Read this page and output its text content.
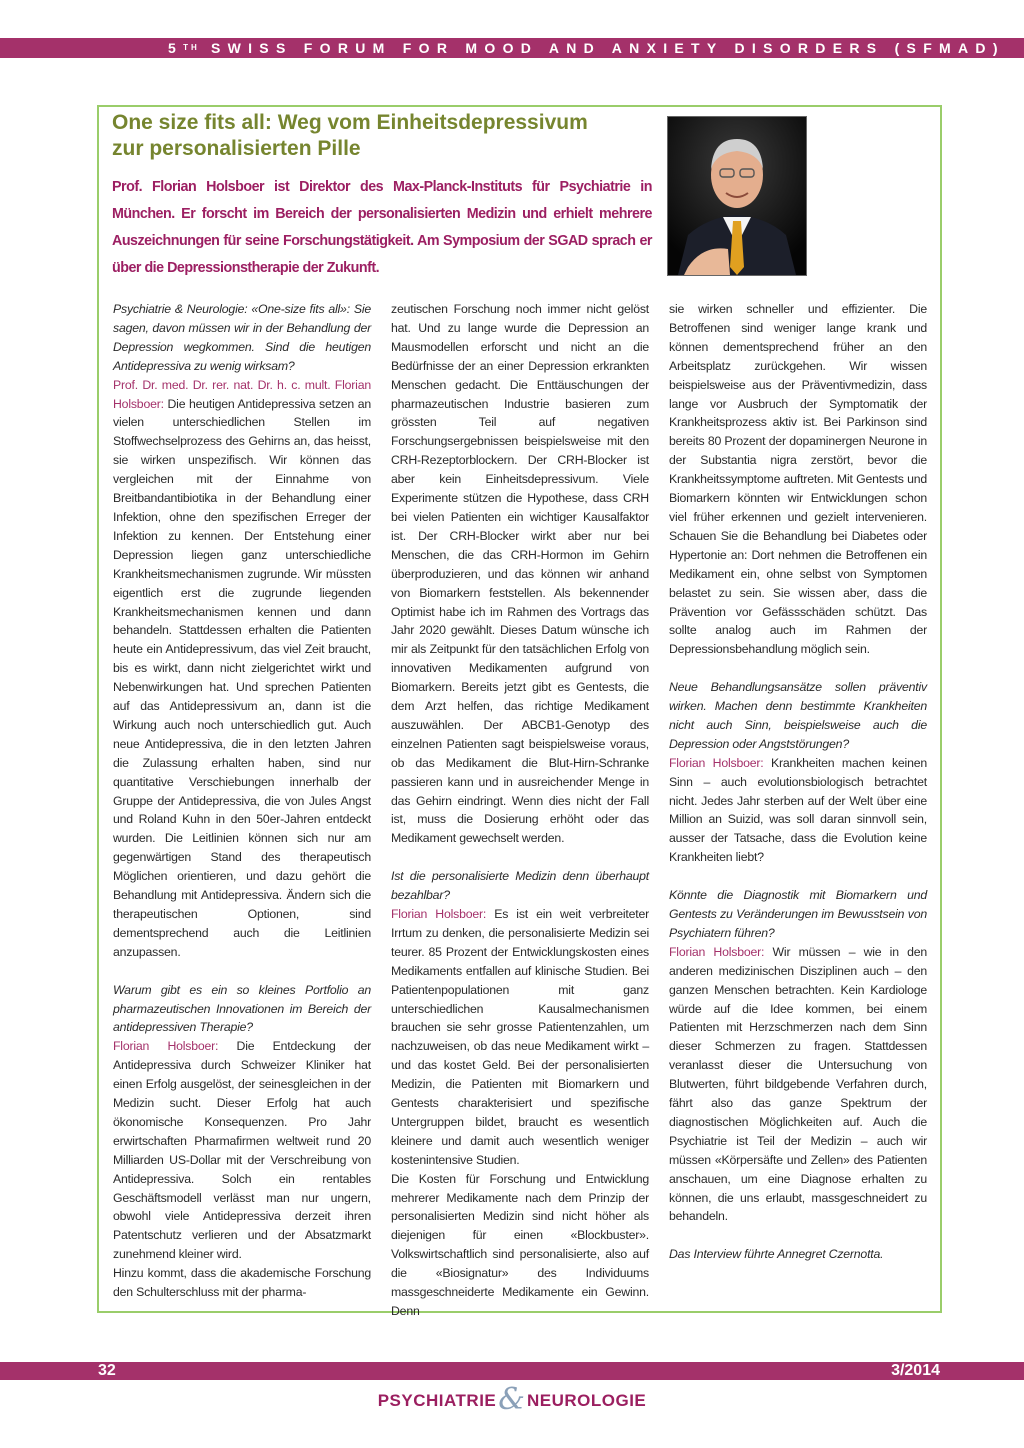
5TH SWISS FORUM FOR MOOD AND ANXIETY DISORDERS (SFMAD)
One size fits all: Weg vom Einheitsdepressivum
zur personalisierten Pille
Prof. Florian Holsboer ist Direktor des Max-Planck-Instituts für Psychiatrie in München. Er forscht im Bereich der personalisierten Medizin und erhielt mehrere Auszeichnungen für seine Forschungstätigkeit. Am Symposium der SGAD sprach er über die Depressionstherapie der Zukunft.

Psychiatrie & Neurologie: «One-size fits all»: Sie sagen, davon müssen wir in der Behandlung der Depression wegkommen. Sind die heutigen Antidepressiva zu wenig wirksam?

Prof. Dr. med. Dr. rer. nat. Dr. h. c. mult. Florian Holsboer: Die heutigen Antidepressiva setzen an vielen unterschiedlichen Stellen im Stoffwechselprozess des Gehirns an, das heisst, sie wirken unspezifisch. Wir können das vergleichen mit der Einnahme von Breitbandantibiotika in der Behandlung einer Infektion, ohne den spezifischen Erreger der Infektion zu kennen. Der Entstehung einer Depression liegen ganz unterschiedliche Krankheitsmechanismen zugrunde. Wir müssten eigentlich erst die zugrunde liegenden Krankheitsmechanismen kennen und dann behandeln. Stattdessen erhalten die Patienten heute ein Antidepressivum, das viel Zeit braucht, bis es wirkt, dann nicht zielgerichtet wirkt und Nebenwirkungen hat. Und sprechen Patienten auf das Antidepressivum an, dann ist die Wirkung auch noch unterschiedlich gut. Auch neue Antidepressiva, die in den letzten Jahren die Zulassung erhalten haben, sind nur quantitative Verschiebungen innerhalb der Gruppe der Antidepressiva, die von Jules Angst und Roland Kuhn in den 50er-Jahren entdeckt wurden. Die Leitlinien können sich nur am gegenwärtigen Stand des therapeutisch Möglichen orientieren, und dazu gehört die Behandlung mit Antidepressiva. Ändern sich die therapeutischen Optionen, sind dementsprechend auch die Leitlinien anzupassen.

Warum gibt es ein so kleines Portfolio an pharmazeutischen Innovationen im Bereich der antidepressiven Therapie?

Florian Holsboer: Die Entdeckung der Antidepressiva durch Schweizer Kliniker hat einen Erfolg ausgelöst, der seinesgleichen in der Medizin sucht. Dieser Erfolg hat auch ökonomische Konsequenzen. Pro Jahr erwirtschaften Pharmafirmen weltweit rund 20 Milliarden US-Dollar mit der Verschreibung von Antidepressiva. Solch ein rentables Geschäftsmodell verlässt man nur ungern, obwohl viele Antidepressiva derzeit ihren Patentschutz verlieren und der Absatzmarkt zunehmend kleiner wird.

Hinzu kommt, dass die akademische Forschung den Schulterschluss mit der pharma-

zeutischen Forschung noch immer nicht gelöst hat. Und zu lange wurde die Depression an Mausmodellen erforscht und nicht an die Bedürfnisse der an einer Depression erkrankten Menschen gedacht. Die Enttäuschungen der pharmazeutischen Industrie basieren zum grössten Teil auf negativen Forschungsergebnissen beispielsweise mit den CRH-Rezeptorblockern. Der CRH-Blocker ist aber kein Einheitsdepressivum. Viele Experimente stützen die Hypothese, dass CRH bei vielen Patienten ein wichtiger Kausalfaktor ist. Der CRH-Blocker wirkt aber nur bei Menschen, die das CRH-Hormon im Gehirn überproduzieren, und das können wir anhand von Biomarkern feststellen. Als bekennender Optimist habe ich im Rahmen des Vortrags das Jahr 2020 gewählt. Dieses Datum wünsche ich mir als Zeitpunkt für den tatsächlichen Erfolg von innovativen Medikamenten aufgrund von Biomarkern. Bereits jetzt gibt es Gentests, die dem Arzt helfen, das richtige Medikament auszuwählen. Der ABCB1-Genotyp des einzelnen Patienten sagt beispielsweise voraus, ob das Medikament die Blut-Hirn-Schranke passieren kann und in ausreichender Menge in das Gehirn eindringt. Wenn dies nicht der Fall ist, muss die Dosierung erhöht oder das Medikament gewechselt werden.

Ist die personalisierte Medizin denn überhaupt bezahlbar?

Florian Holsboer: Es ist ein weit verbreiteter Irrtum zu denken, die personalisierte Medizin sei teurer. 85 Prozent der Entwicklungskosten eines Medikaments entfallen auf klinische Studien. Bei Patientenpopulationen mit ganz unterschiedlichen Kausalmechanismen brauchen sie sehr grosse Patientenzahlen, um nachzuweisen, ob das neue Medikament wirkt – und das kostet Geld. Bei der personalisierten Medizin, die Patienten mit Biomarkern und Gentests charakterisiert und spezifische Untergruppen bildet, braucht es wesentlich kleinere und damit auch wesentlich weniger kostenintensive Studien.

Die Kosten für Forschung und Entwicklung mehrerer Medikamente nach dem Prinzip der personalisierten Medizin sind nicht höher als diejenigen für einen «Blockbuster». Volkswirtschaftlich sind personalisierte, also auf die «Biosignatur» des Individuums massgeschneiderte Medikamente ein Gewinn. Denn

sie wirken schneller und effizienter. Die Betroffenen sind weniger lange krank und können dementsprechend früher an den Arbeitsplatz zurückgehen. Wir wissen beispielsweise aus der Präventivmedizin, dass lange vor Ausbruch der Symptomatik der Krankheitsprozess aktiv ist. Bei Parkinson sind bereits 80 Prozent der dopaminergen Neurone in der Substantia nigra zerstört, bevor die Krankheitssymptome auftreten. Mit Gentests und Biomarkern könnten wir Entwicklungen schon viel früher erkennen und gezielt intervenieren. Schauen Sie die Behandlung bei Diabetes oder Hypertonie an: Dort nehmen die Betroffenen ein Medikament ein, ohne selbst von Symptomen belastet zu sein. Sie wissen aber, dass die Prävention vor Gefässschäden schützt. Das sollte analog auch im Rahmen der Depressionsbehandlung möglich sein.

Neue Behandlungsansätze sollen präventiv wirken. Machen denn bestimmte Krankheiten nicht auch Sinn, beispielsweise auch die Depression oder Angststörungen?

Florian Holsboer: Krankheiten machen keinen Sinn – auch evolutionsbiologisch betrachtet nicht. Jedes Jahr sterben auf der Welt über eine Million an Suizid, was soll daran sinnvoll sein, ausser der Tatsache, dass die Evolution keine Krankheiten liebt?

Könnte die Diagnostik mit Biomarkern und Gentests zu Veränderungen im Bewusstsein von Psychiatern führen?

Florian Holsboer: Wir müssen – wie in den anderen medizinischen Disziplinen auch – den ganzen Menschen betrachten. Kein Kardiologe würde auf die Idee kommen, bei einem Patienten mit Herzschmerzen nach dem Sinn dieser Schmerzen zu fragen. Stattdessen veranlasst dieser die Untersuchung von Blutwerten, führt bildgebende Verfahren durch, fährt also das ganze Spektrum der diagnostischen Möglichkeiten auf. Auch die Psychiatrie ist Teil der Medizin – auch wir müssen «Körpersäfte und Zellen» des Patienten anschauen, um eine Diagnose erhalten zu können, die uns erlaubt, massgeschneidert zu behandeln.

Das Interview führte Annegret Czernotta.

32	3/2014
PSYCHIATRIE& NEUROLOGIE
